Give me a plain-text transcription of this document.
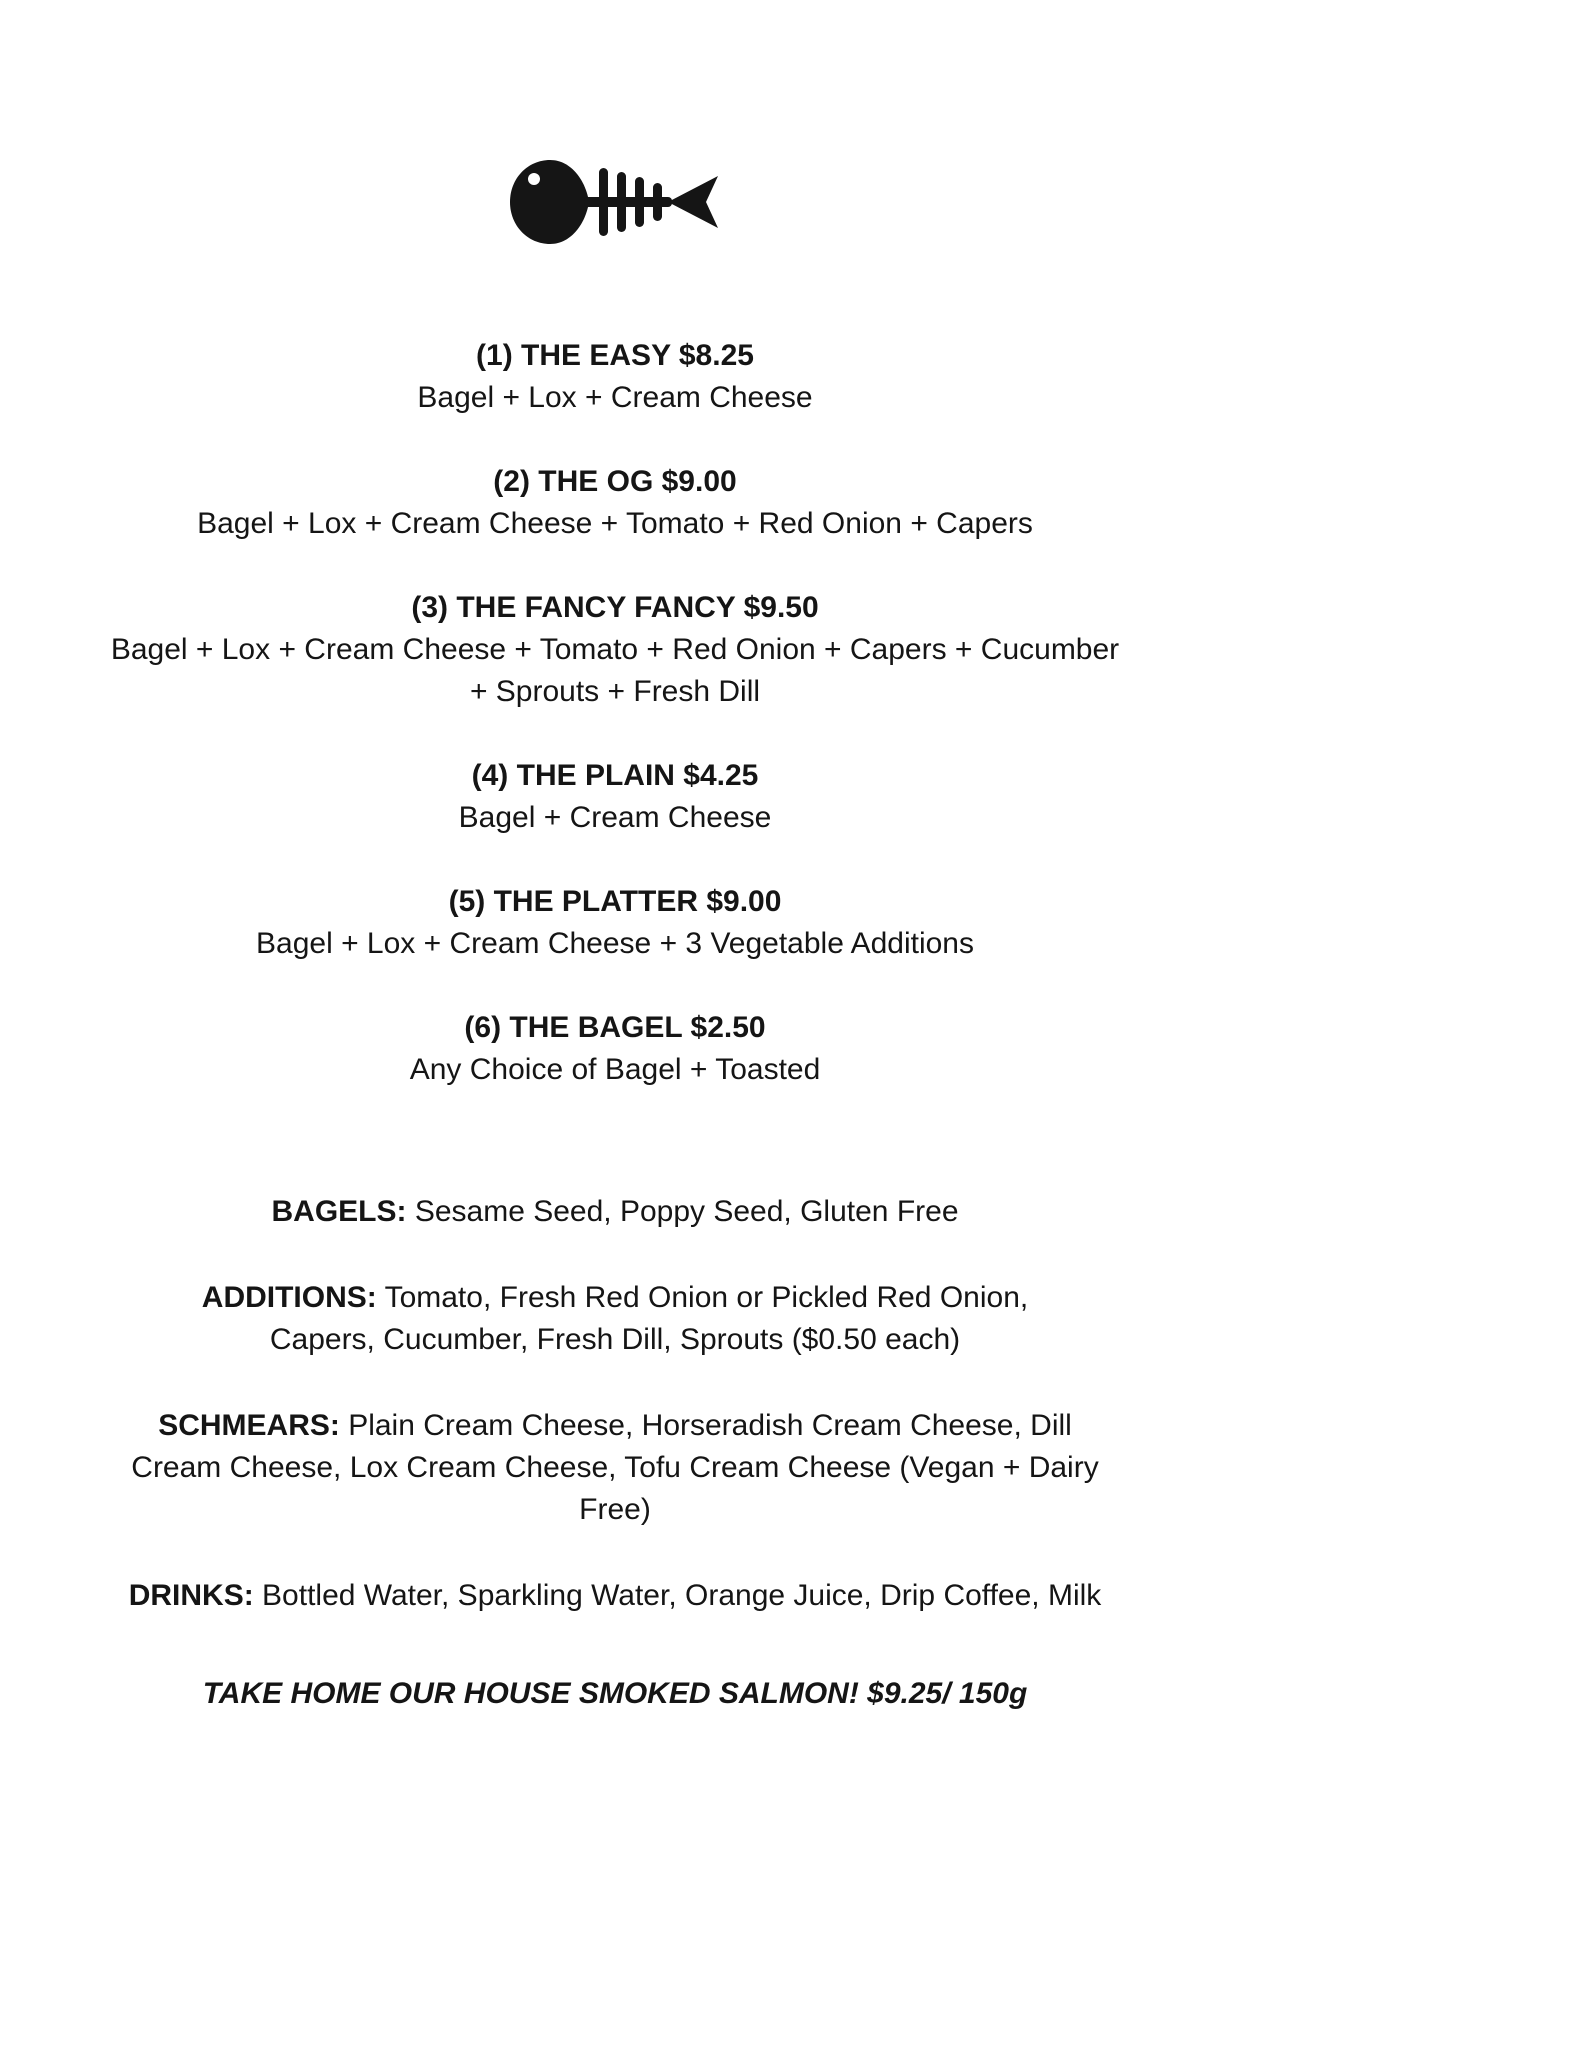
(1) THE EASY $8.25

Bagel + Lox + Cream Cheese

(2) THE OG $9.00

Bagel + Lox + Cream Cheese + Tomato + Red Onion + Capers

(3) THE FANCY FANCY $9.50

Bagel + Lox + Cream Cheese + Tomato + Red Onion + Capers + Cucumber + Sprouts + Fresh Dill

(4) THE PLAIN $4.25

Bagel + Cream Cheese

(5) THE PLATTER $9.00

Bagel + Lox + Cream Cheese + 3 Vegetable Additions

(6) THE BAGEL $2.50

Any Choice of Bagel + Toasted

BAGELS: Sesame Seed, Poppy Seed, Gluten Free

ADDITIONS: Tomato, Fresh Red Onion or Pickled Red Onion, Capers, Cucumber, Fresh Dill, Sprouts ($0.50 each)

SCHMEARS: Plain Cream Cheese, Horseradish Cream Cheese, Dill Cream Cheese, Lox Cream Cheese, Tofu Cream Cheese (Vegan + Dairy Free)

DRINKS: Bottled Water, Sparkling Water, Orange Juice, Drip Coffee, Milk

TAKE HOME OUR HOUSE SMOKED SALMON! $9.25/ 150g
